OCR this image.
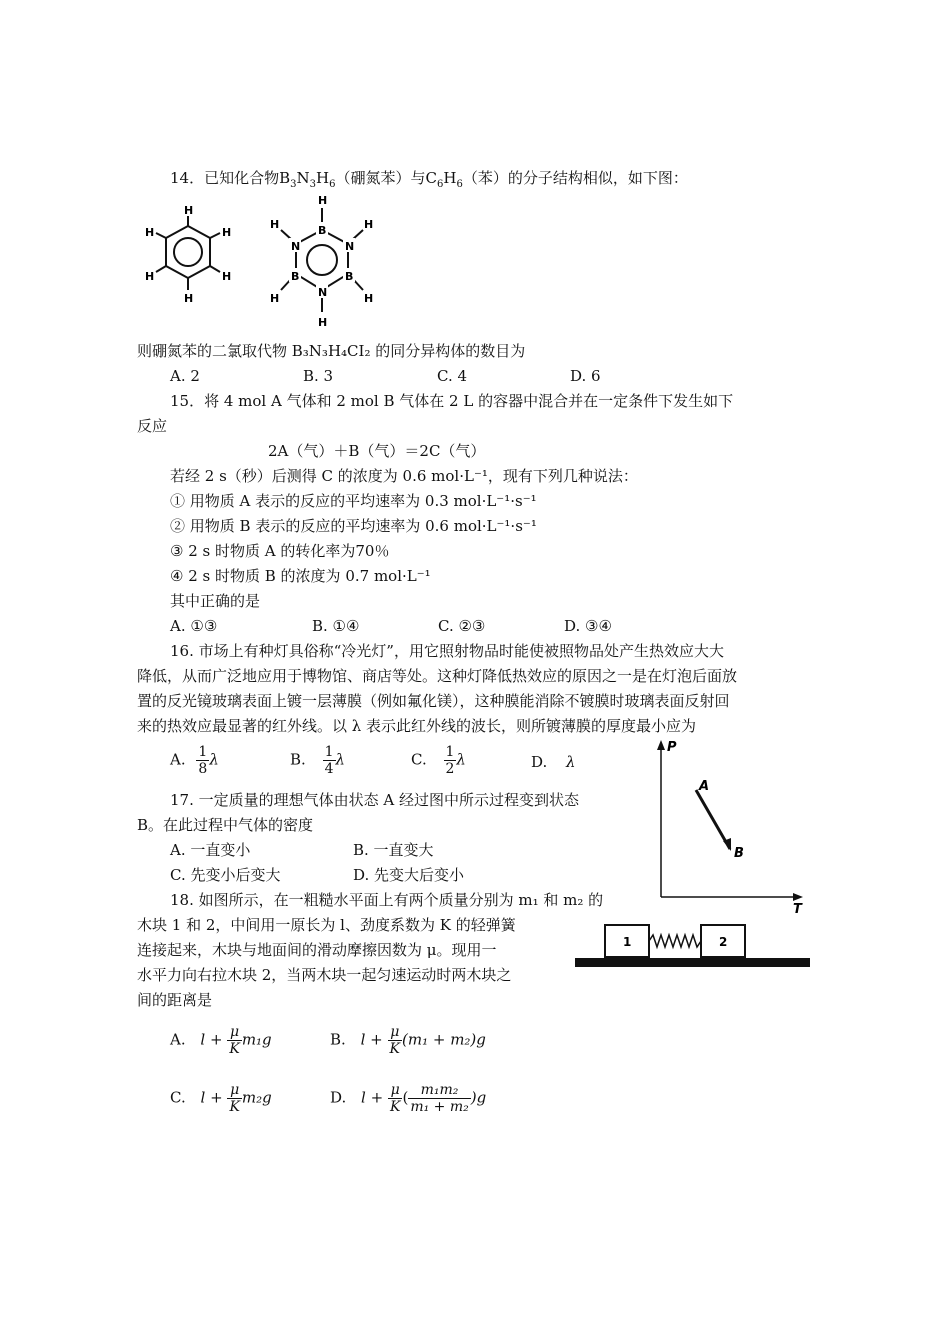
14．已知化合物$B_3N_3H_6$（硼氮苯）与$C_6H_6$（苯）的分子结构相似，如下图：
H
H
H
H
H
H	B
N
B
N
B
N
H
H
H
H
H
H
则硼氮苯的二氯取代物 B₃N₃H₄CI₂ 的同分异构体的数目为
A. 2	B. 3	C. 4	D. 6
15．将 4 mol A 气体和 2 mol B 气体在 2 L 的容器中混合并在一定条件下发生如下
反应
2A（气）＋B（气）＝2C（气）
若经 2 s（秒）后测得 C 的浓度为 0.6 mol·L⁻¹，现有下列几种说法：
① 用物质 A 表示的反应的平均速率为 0.3 mol·L⁻¹·s⁻¹
② 用物质 B 表示的反应的平均速率为 0.6 mol·L⁻¹·s⁻¹
③ 2 s 时物质 A 的转化率为70％
④ 2 s 时物质 B 的浓度为 0.7 mol·L⁻¹
其中正确的是
A. ①③	B. ①④	C. ②③	D. ③④
16. 市场上有种灯具俗称“冷光灯”，用它照射物品时能使被照物品处产生热效应大大
降低，从而广泛地应用于博物馆、商店等处。这种灯降低热效应的原因之一是在灯泡后面放
置的反光镜玻璃表面上镀一层薄膜（例如氟化镁），这种膜能消除不镀膜时玻璃表面反射回
来的热效应最显著的红外线。以 λ 表示此红外线的波长，则所镀薄膜的厚度最小应为
A. $\frac{1}{8}$ λ	B. $\frac{1}{4}$ λ	C. $\frac{1}{2}$ λ	D. λ
P
T
A
B
17. 一定质量的理想气体由状态 A 经过图中所示过程变到状态
B。在此过程中气体的密度
A. 一直变小	B. 一直变大
C. 先变小后变大	D. 先变大后变小
18. 如图所示，在一粗糙水平面上有两个质量分别为 m₁ 和 m₂ 的
木块 1 和 2，中间用一原长为 l、劲度系数为 K 的轻弹簧
连接起来，木块与地面间的滑动摩擦因数为 μ。现用一
水平力向右拉木块 2，当两木块一起匀速运动时两木块之
间的距离是
1	2
A. $l + \frac{\mu}{K} m_1g$	B. $l + \frac{\mu}{K} (m_1 + m_2)g$
C. $l + \frac{\mu}{K} m_2g$	D. $l + \frac{\mu}{K}$ ( $\frac{\text{m₁m₂}}{\text{m₁ + m₂}} )g$
